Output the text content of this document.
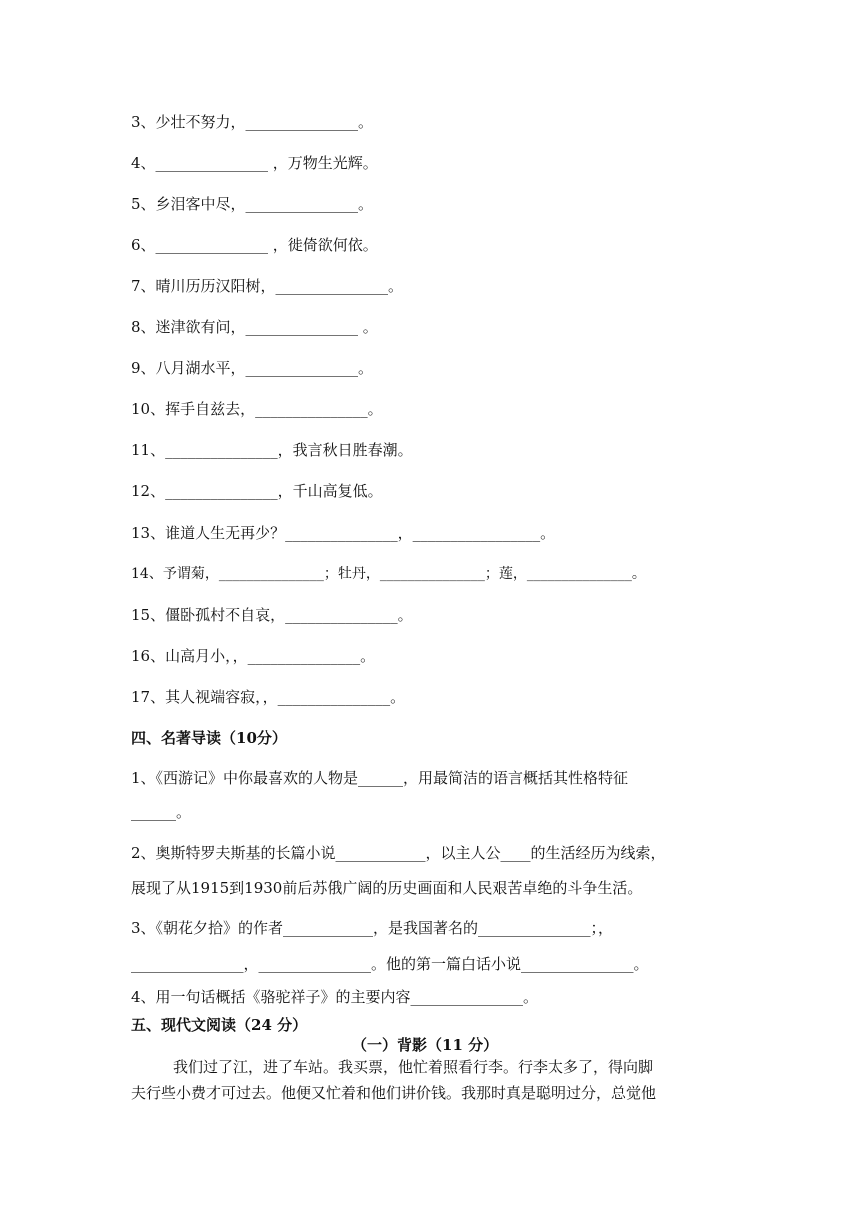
3、少壮不努力，_______________。
4、_______________ ，万物生光辉。
5、乡泪客中尽，_______________。
6、_______________ ，徙倚欲何依。
7、晴川历历汉阳树，_______________。
8、迷津欲有问，_______________ 。
9、八月湖水平，_______________。
10、挥手自兹去，_______________。
11、_______________，我言秋日胜春潮。
12、_______________，千山高复低。
13、谁道人生无再少？_______________，_________________。
14、予谓菊，_______________；牡丹，_______________；莲，_______________。
15、僵卧孤村不自哀，_______________。
16、山高月小，，_______________。
17、其人视端容寂，，_______________。
四、名著导读（10分）
1、《西游记》中你最喜欢的人物是______，用最简洁的语言概括其性格特征
______。
2、奥斯特罗夫斯基的长篇小说____________，以主人公____的生活经历为线索，
展现了从1915到1930前后苏俄广阔的历史画面和人民艰苦卓绝的斗争生活。
3、《朝花夕拾》的作者____________，是我国著名的_______________；，
_______________，_______________。他的第一篇白话小说_______________。
4、用一句话概括《骆驼祥子》的主要内容_______________。
五、现代文阅读（24 分）
（一）背影（11 分）
我们过了江，进了车站。我买票，他忙着照看行李。行李太多了，得向脚
夫行些小费才可过去。他便又忙着和他们讲价钱。我那时真是聪明过分，总觉他
